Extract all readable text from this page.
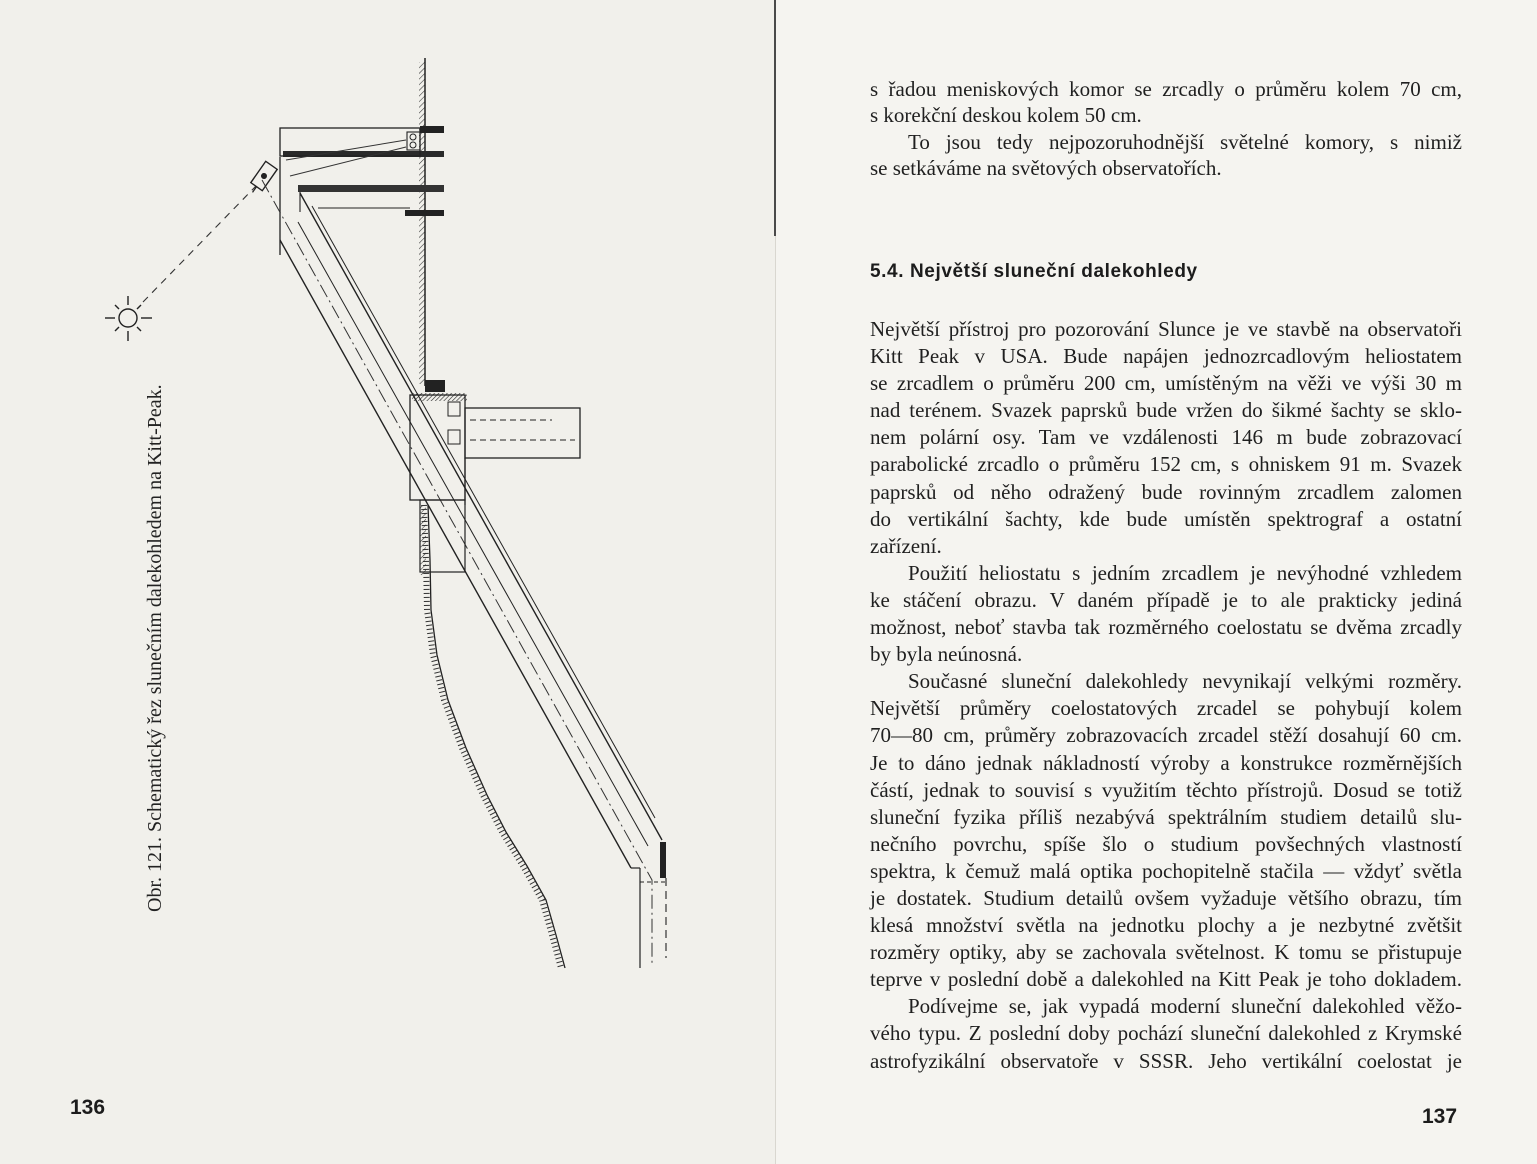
Obr. 121. Schematický řez slunečním dalekohledem na Kitt-Peak.
136
s řadou meniskových komor se zrcadly o průměru kolem 70 cm,
s korekční deskou kolem 50 cm.
To jsou tedy nejpozoruhodnější světelné komory, s nimiž
se setkáváme na světových observatořích.
5.4. Největší sluneční dalekohledy
Největší přístroj pro pozorování Slunce je ve stavbě na observatoři
Kitt Peak v USA. Bude napájen jednozrcadlovým heliostatem
se zrcadlem o průměru 200 cm, umístěným na věži ve výši 30 m
nad terénem. Svazek paprsků bude vržen do šikmé šachty se sklo-
nem polární osy. Tam ve vzdálenosti 146 m bude zobrazovací
parabolické zrcadlo o průměru 152 cm, s ohniskem 91 m. Svazek
paprsků od něho odražený bude rovinným zrcadlem zalomen
do vertikální šachty, kde bude umístěn spektrograf a ostatní
zařízení.
Použití heliostatu s jedním zrcadlem je nevýhodné vzhledem
ke stáčení obrazu. V daném případě je to ale prakticky jediná
možnost, neboť stavba tak rozměrného coelostatu se dvěma zrcadly
by byla neúnosná.
Současné sluneční dalekohledy nevynikají velkými rozměry.
Největší průměry coelostatových zrcadel se pohybují kolem
70—80 cm, průměry zobrazovacích zrcadel stěží dosahují 60 cm.
Je to dáno jednak nákladností výroby a konstrukce rozměrnějších
částí, jednak to souvisí s využitím těchto přístrojů. Dosud se totiž
sluneční fyzika příliš nezabývá spektrálním studiem detailů slu-
nečního povrchu, spíše šlo o studium povšechných vlastností
spektra, k čemuž malá optika pochopitelně stačila — vždyť světla
je dostatek. Studium detailů ovšem vyžaduje většího obrazu, tím
klesá množství světla na jednotku plochy a je nezbytné zvětšit
rozměry optiky, aby se zachovala světelnost. K tomu se přistupuje
teprve v poslední době a dalekohled na Kitt Peak je toho dokladem.
Podívejme se, jak vypadá moderní sluneční dalekohled věžo-
vého typu. Z poslední doby pochází sluneční dalekohled z Krymské
astrofyzikální observatoře v SSSR. Jeho vertikální coelostat je
137
